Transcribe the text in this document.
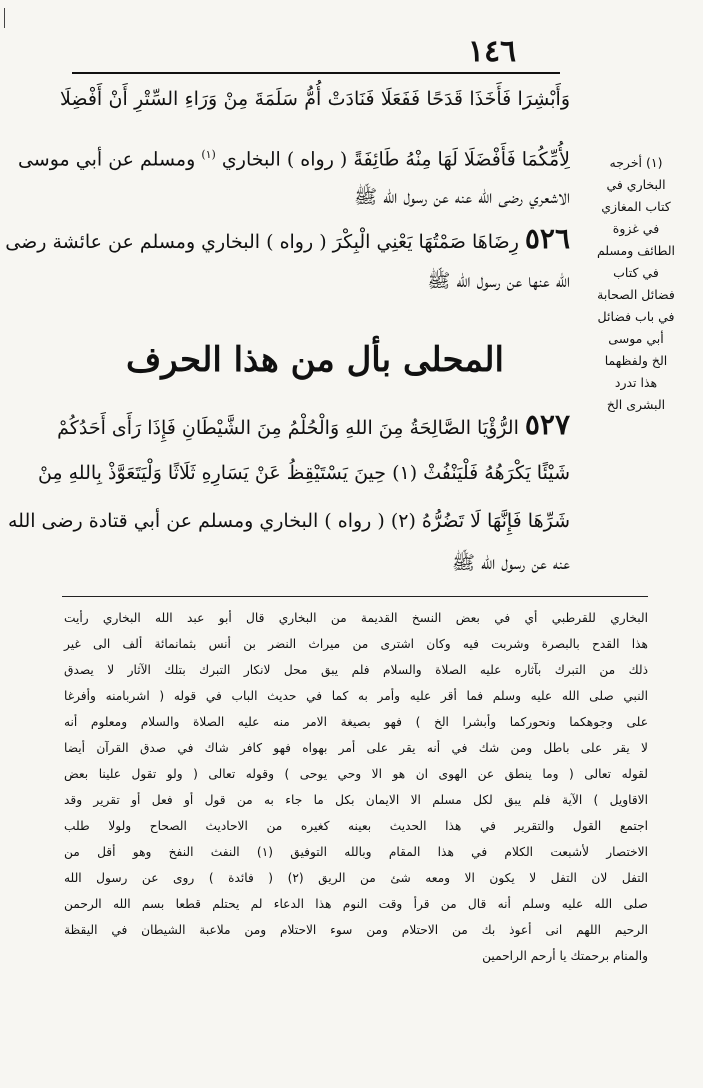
١٤٦
وَأَبْشِرَا فَأَخَذَا قَدَحًا فَفَعَلَا فَنَادَتْ أُمُّ سَلَمَةَ مِنْ وَرَاءِ السِّتْرِ أَنْ أَفْضِلَا
لِأُمِّكُمَا فَأَفْضَلَا لَهَا مِنْهُ طَائِفَةً ( رواه ) البخاري $^{(١)}$ ومسلم عن أبي موسى
الاشعري رضى الله عنه عن رسول الله ﷺ
٥٢٦رِضَاهَا صَمْتُهَا يَعْنِي الْبِكْرَ ( رواه ) البخاري ومسلم عن عائشة رضى
الله عنها عن رسول الله ﷺ
المحلى بأل من هذا الحرف
٥٢٧الرُّؤْيَا الصَّالِحَةُ مِنَ اللهِ وَالْحُلْمُ مِنَ الشَّيْطَانِ فَإِذَا رَأَى أَحَدُكُمْ
شَيْئًا يَكْرَهُهُ فَلْيَنْفُثْ (١) حِينَ يَسْتَيْقِظُ عَنْ يَسَارِهِ ثَلَاثًا وَلْيَتَعَوَّذْ بِاللهِ مِنْ
شَرِّهَا فَإِنَّهَا لَا تَضُرُّهُ (٢) ( رواه ) البخاري ومسلم عن أبي قتادة رضى الله
عنه عن رسول الله ﷺ
(١) أخرجه
البخاري في
كتاب المغازي
في غزوة
الطائف ومسلم
في كتاب
فضائل الصحابة
في باب فضائل
أبي موسى
الخ ولفظهما
هذا تدرد
البشرى الخ
البخاري للقرطبي أي في بعض النسخ القديمة من البخاري قال أبو عبد الله البخاري رأيت
هذا القدح بالبصرة وشربت فيه وكان اشترى من ميراث النضر بن أنس بثمانمائة ألف الى غير
ذلك من التبرك بآثاره عليه الصلاة والسلام فلم يبق محل لانكار التبرك بتلك الآثار لا يصدق
النبي صلى الله عليه وسلم فما أقر عليه وأمر به كما في حديث الباب في قوله ( اشربامنه وأفرغا
على وجوهكما ونحوركما وأبشرا الخ ) فهو بصيغة الامر منه عليه الصلاة والسلام ومعلوم أنه
لا يقر على باطل ومن شك في أنه يقر على أمر بهواه فهو كافر شاك في صدق القرآن أيضا
لقوله تعالى ( وما ينطق عن الهوى ان هو الا وحي يوحى ) وقوله تعالى ( ولو تقول علينا بعض
الاقاويل ) الآية فلم يبق لكل مسلم الا الايمان بكل ما جاء به من قول أو فعل أو تقرير وقد
اجتمع القول والتقرير في هذا الحديث بعينه كغيره من الاحاديث الصحاح ولولا طلب
الاختصار لأشبعت الكلام في هذا المقام وبالله التوفيق (١) النفث النفخ وهو أقل من
التفل لان التفل لا يكون الا ومعه شئ من الريق (٢) ( فائدة ) روى عن رسول الله
صلى الله عليه وسلم أنه قال من قرأ وقت النوم هذا الدعاء لم يحتلم قطعا بسم الله الرحمن
الرحيم اللهم انى أعوذ بك من الاحتلام ومن سوء الاحتلام ومن ملاعبة الشيطان في اليقظة
والمنام برحمتك يا أرحم الراحمين
